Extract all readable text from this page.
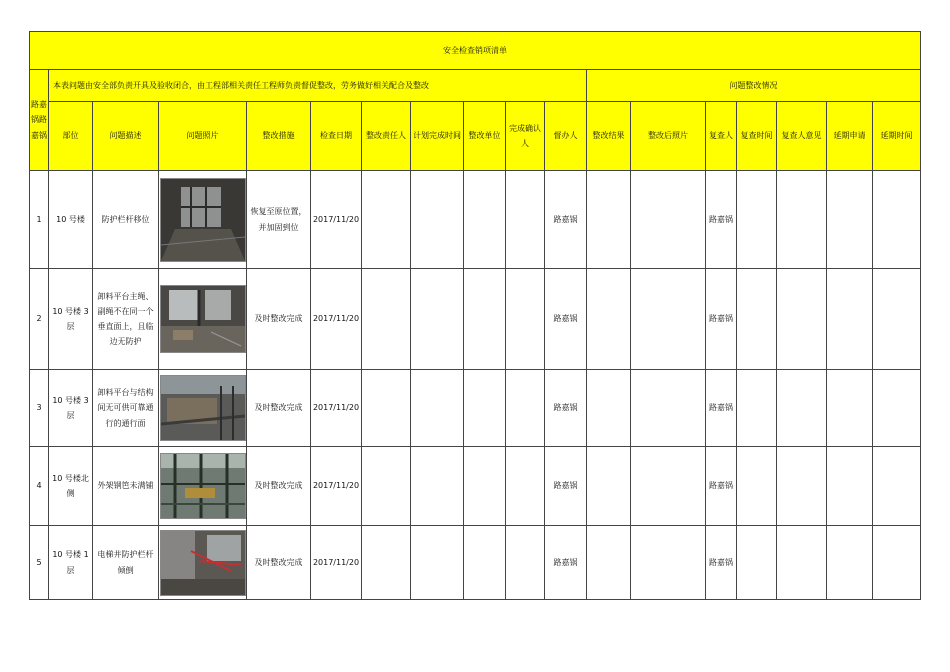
安全检查销项清单																	
路嘉锅路嘉锅	本表问题由安全部负责开具及验收闭合，由工程部相关责任工程师负责督促整改，劳务做好相关配合及整改										问题整改情况						
	部位	问题描述	问题照片	整改措施	检查日期	整改责任人	计划完成时间	整改单位	完成确认人	督办人	整改结果	整改后照片	复查人	复查时间	复查人意见	延期申请	延期时间
1	10 号楼	防护栏杆移位		恢复至原位置，并加固到位	2017/11/20					路嘉锅			路嘉锅				
2	10 号楼 3 层	卸料平台主绳、副绳不在同一个垂直面上，且临边无防护		及时整改完成	2017/11/20					路嘉锅			路嘉锅				
3	10 号楼 3 层	卸料平台与结构间无可供可靠通行的通行面		及时整改完成	2017/11/20					路嘉锅			路嘉锅				
4	10 号楼北侧	外架钢笆未满铺		及时整改完成	2017/11/20					路嘉锅			路嘉锅				
5	10 号楼 1 层	电梯井防护栏杆倾倒		及时整改完成	2017/11/20					路嘉锅			路嘉锅				
